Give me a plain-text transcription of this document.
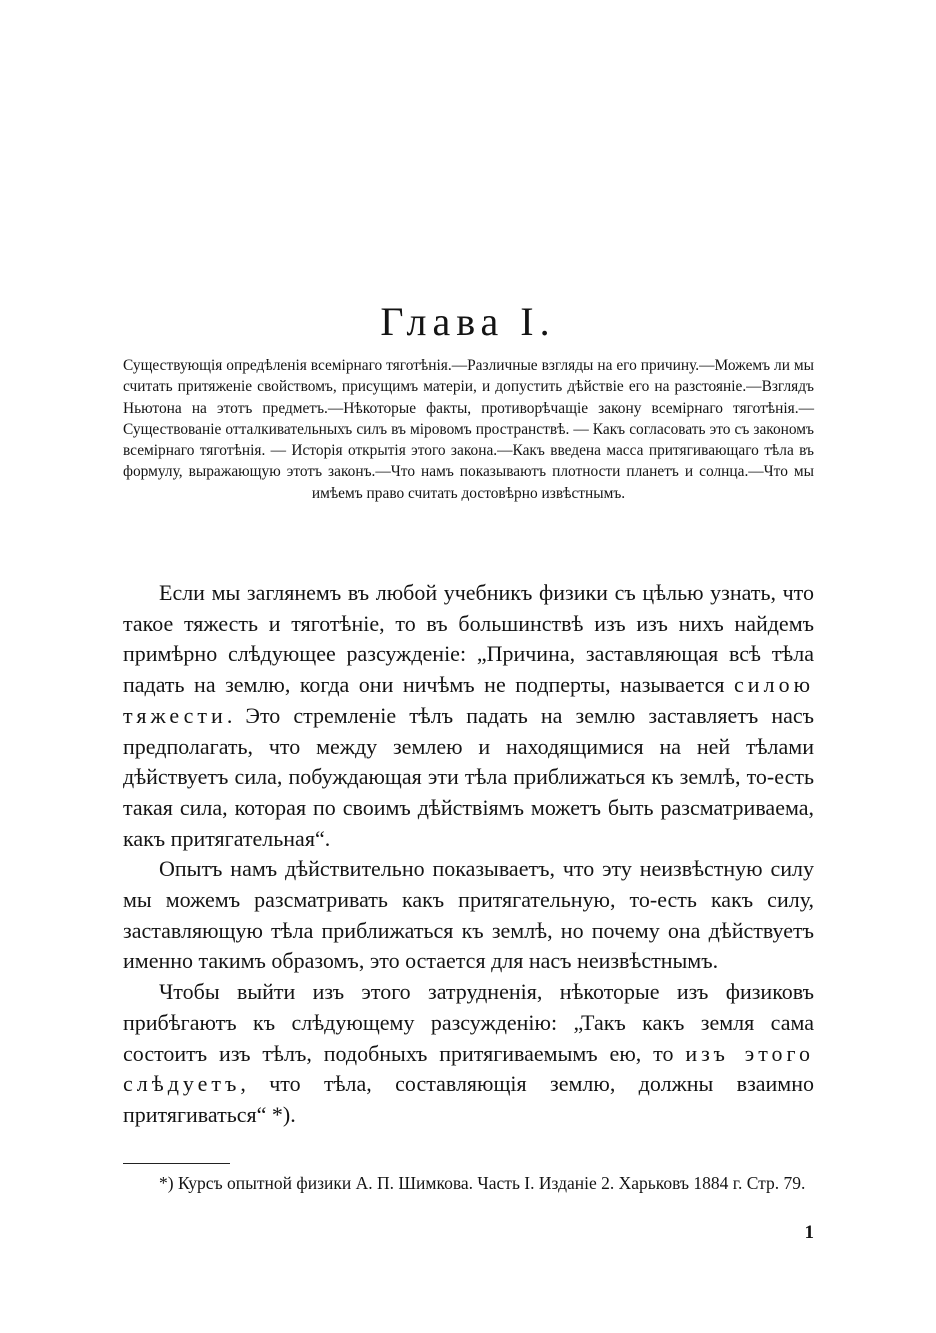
Глава I.

Существующія опредѣленія всемірнаго тяготѣнія.—Различные взгляды на его причину.—Можемъ ли мы считать притяженіе свойствомъ, присущимъ матеріи, и допустить дѣйствіе его на разстояніе.—Взглядъ Ньютона на этотъ предметъ.—Нѣкоторые факты, противорѣчащіе закону всемірнаго тяготѣнія.—Существованіе отталкивательныхъ силъ въ міровомъ пространствѣ. — Какъ согласовать это съ закономъ всемірнаго тяготѣнія. — Исторія открытія этого закона.—Какъ введена масса притягивающаго тѣла въ формулу, выражающую этотъ законъ.—Что намъ показываютъ плотности планетъ и солнца.—Что мы имѣемъ право считать достовѣрно извѣстнымъ.

Если мы заглянемъ въ любой учебникъ физики съ цѣлью узнать, что такое тяжесть и тяготѣніе, то въ большинствѣ изъ изъ нихъ найдемъ примѣрно слѣдующее разсужденіе: „Причина, заставляющая всѣ тѣла падать на землю, когда они ничѣмъ не подперты, называется силою тяжести. Это стремленіе тѣлъ падать на землю заставляетъ насъ предполагать, что между землею и находящимися на ней тѣлами дѣйствуетъ сила, побуждающая эти тѣла приближаться къ землѣ, то-есть такая сила, которая по своимъ дѣйствіямъ можетъ быть разсматриваема, какъ притягательная“.

Опытъ намъ дѣйствительно показываетъ, что эту неизвѣстную силу мы можемъ разсматривать какъ притягательную, то-есть какъ силу, заставляющую тѣла приближаться къ землѣ, но почему она дѣйствуетъ именно такимъ образомъ, это остается для насъ неизвѣстнымъ.

Чтобы выйти изъ этого затрудненія, нѣкоторые изъ физиковъ прибѣгаютъ къ слѣдующему разсужденію: „Такъ какъ земля сама состоитъ изъ тѣлъ, подобныхъ притягиваемымъ ею, то изъ этого слѣдуетъ, что тѣла, составляющія землю, должны взаимно притягиваться“ *).

*) Курсъ опытной физики А. П. Шимкова. Часть I. Изданіе 2. Харьковъ 1884 г. Стр. 79.

1
